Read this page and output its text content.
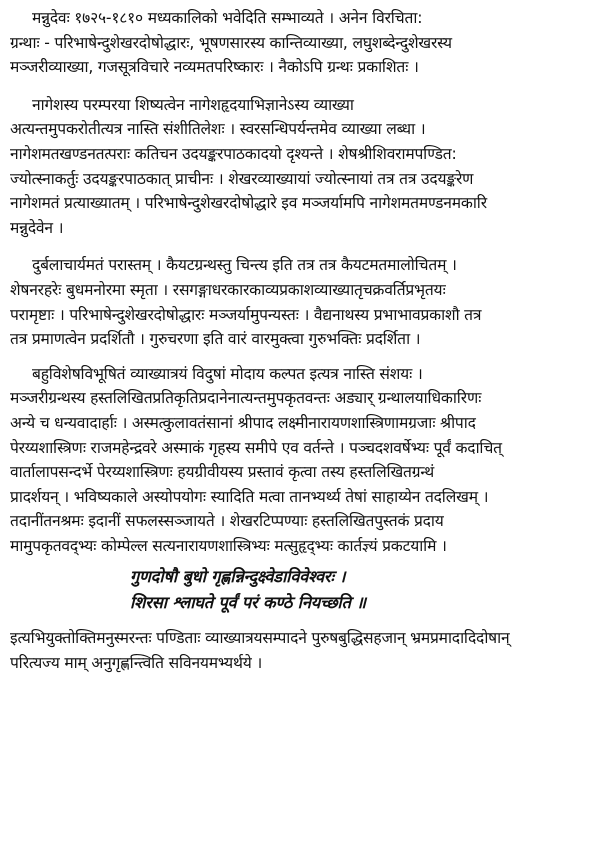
मन्नुदेवः १७२५-१८१० मध्यकालिको भवेदिति सम्भाव्यते । अनेन विरचिता:
ग्रन्थाः - परिभाषेन्दुशेखरदोषोद्धारः, भूषणसारस्य कान्तिव्याख्या, लघुशब्देन्दुशेखरस्य
मञ्जरीव्याख्या, गजसूत्रविचारे नव्यमतपरिष्कारः । नैकोऽपि ग्रन्थः प्रकाशितः ।
नागेशस्य परम्परया शिष्यत्वेन नागेशहृदयाभिज्ञानेऽस्य व्याख्या
अत्यन्तमुपकरोतीत्यत्र नास्ति संशीतिलेशः । स्वरसन्धिपर्यन्तमेव व्याख्या लब्धा ।
नागेशमतखण्डनतत्पराः कतिचन उदयङ्करपाठकादयो दृश्यन्ते । शेषश्रीशिवरामपण्डित:
ज्योत्स्नाकर्तुः उदयङ्करपाठकात् प्राचीनः । शेखरव्याख्यायां ज्योत्स्नायां तत्र तत्र उदयङ्करेण
नागेशमतं प्रत्याख्यातम् । परिभाषेन्दुशेखरदोषोद्धारे इव मञ्जर्यामपि नागेशमतमण्डनमकारि
मन्नुदेवेन ।
दुर्बलाचार्यमतं परास्तम् । कैयटग्रन्थस्तु चिन्त्य इति तत्र तत्र कैयटमतमालोचितम् ।
शेषनरहरेः बुधमनोरमा स्मृता । रसगङ्गाधरकारकाव्यप्रकाशव्याख्यातृचक्रवर्तिप्रभृतयः
परामृष्टाः । परिभाषेन्दुशेखरदोषोद्धारः मञ्जर्यामुपन्यस्तः । वैद्यनाथस्य प्रभाभावप्रकाशौ तत्र
तत्र प्रमाणत्वेन प्रदर्शितौ । गुरुचरणा इति वारं वारमुक्त्वा गुरुभक्तिः प्रदर्शिता ।
बहुविशेषविभूषितं व्याख्यात्रयं विदुषां मोदाय कल्पत इत्यत्र नास्ति संशयः ।
मञ्जरीग्रन्थस्य हस्तलिखितप्रतिकृतिप्रदानेनात्यन्तमुपकृतवन्तः अड्यार् ग्रन्थालयाधिकारिणः
अन्ये च धन्यवादार्हाः । अस्मत्कुलावतंसानां श्रीपाद लक्ष्मीनारायणशास्त्रिणामग्रजाः श्रीपाद
पेरय्यशास्त्रिणः राजमहेन्द्रवरे अस्माकं गृहस्य समीपे एव वर्तन्ते । पञ्चदशवर्षेभ्यः पूर्वं कदाचित्
वार्तालापसन्दर्भे पेरय्यशास्त्रिणः हयग्रीवीयस्य प्रस्तावं कृत्वा तस्य हस्तलिखितग्रन्थं
प्रादर्शयन् । भविष्यकाले अस्योपयोगः स्यादिति मत्वा तानभ्यर्थ्य तेषां साहाय्येन तदलिखम् ।
तदानींतनश्रमः इदानीं सफलस्सञ्जायते । शेखरटिप्पण्याः हस्तलिखितपुस्तकं प्रदाय
मामुपकृतवद्भ्यः कोम्पेल्ल सत्यनारायणशास्त्रिभ्यः मत्सुहृद्भ्यः कार्तज्ञ्यं प्रकटयामि ।
गुणदोषौ बुधो गृह्णन्निन्दुक्ष्वेडाविवेश्वरः ।
शिरसा श्लाघते पूर्वं परं कण्ठे नियच्छति ॥
इत्यभियुक्तोक्तिमनुस्मरन्तः पण्डिताः व्याख्यात्रयसम्पादने पुरुषबुद्धिसहजान् भ्रमप्रमादादिदोषान्
परित्यज्य माम् अनुगृह्णन्त्विति सविनयमभ्यर्थये ।
